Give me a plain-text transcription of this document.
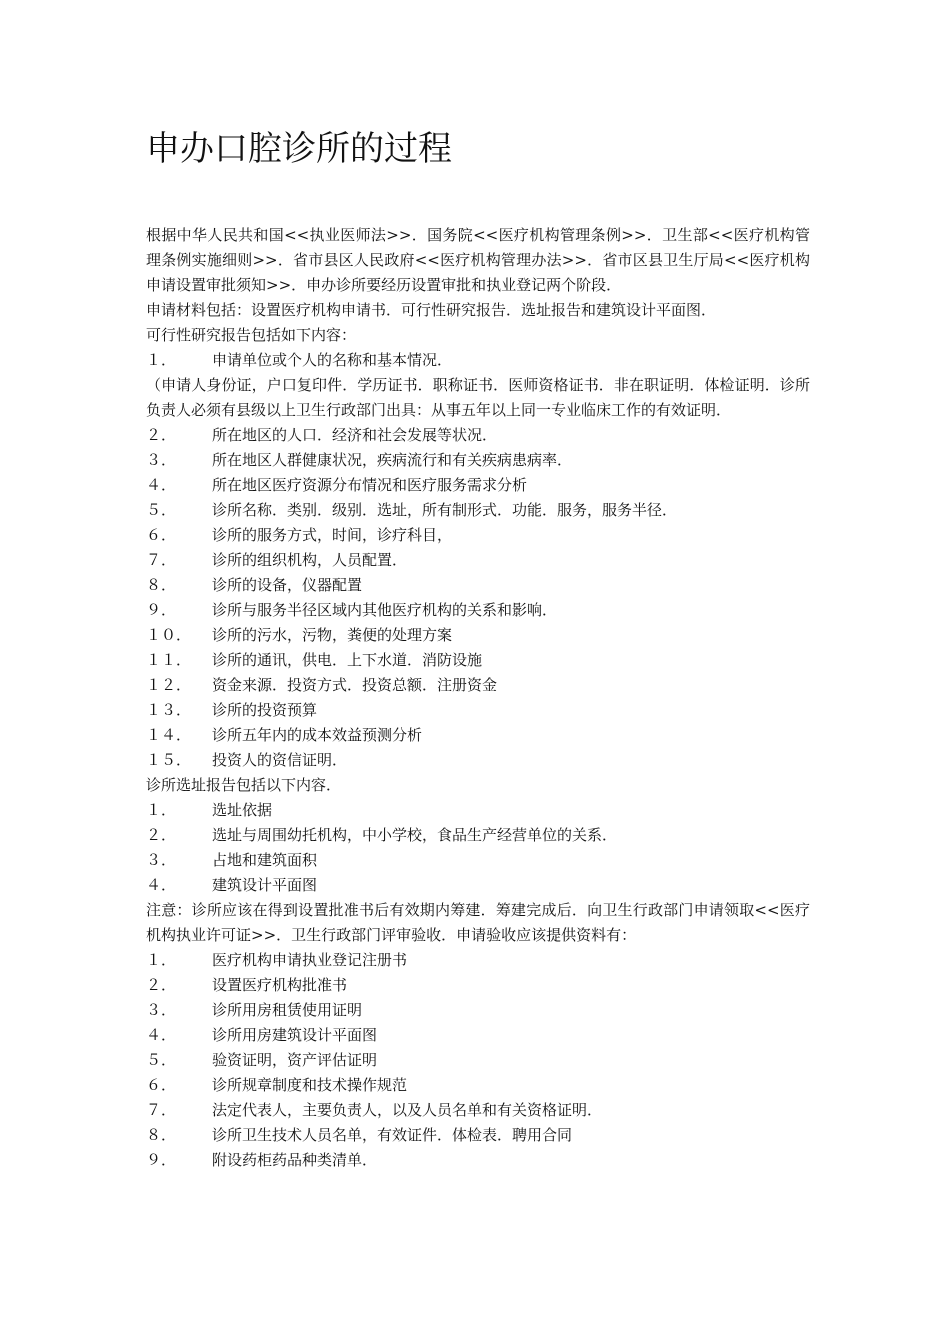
申办口腔诊所的过程

根据中华人民共和国<<执业医师法>>．国务院<<医疗机构管理条例>>．卫生部<<医疗机构管理条例实施细则>>．省市县区人民政府<<医疗机构管理办法>>．省市区县卫生厅局<<医疗机构申请设置审批须知>>．申办诊所要经历设置审批和执业登记两个阶段．

申请材料包括：设置医疗机构申请书．可行性研究报告．选址报告和建筑设计平面图．

可行性研究报告包括如下内容：

１．	申请单位或个人的名称和基本情况．

（申请人身份证，户口复印件．学历证书．职称证书．医师资格证书．非在职证明．体检证明．诊所负责人必须有县级以上卫生行政部门出具：从事五年以上同一专业临床工作的有效证明．

２．	所在地区的人口．经济和社会发展等状况．
３．	所在地区人群健康状况，疾病流行和有关疾病患病率．
４．	所在地区医疗资源分布情况和医疗服务需求分析
５．	诊所名称．类别．级别．选址，所有制形式．功能．服务，服务半径．
６．	诊所的服务方式，时间，诊疗科目，
７．	诊所的组织机构，人员配置．
８．	诊所的设备，仪器配置
９．	诊所与服务半径区域内其他医疗机构的关系和影响．
１０．	诊所的污水，污物，粪便的处理方案
１１．	诊所的通讯，供电．上下水道．消防设施
１２．	资金来源．投资方式．投资总额．注册资金
１３．	诊所的投资预算
１４．	诊所五年内的成本效益预测分析
１５．	投资人的资信证明．

诊所选址报告包括以下内容．

１．	选址依据
２．	选址与周围幼托机构，中小学校，食品生产经营单位的关系．
３．	占地和建筑面积
４．	建筑设计平面图

注意：诊所应该在得到设置批准书后有效期内筹建．筹建完成后．向卫生行政部门申请领取<<医疗机构执业许可证>>．卫生行政部门评审验收．申请验收应该提供资料有：

１．	医疗机构申请执业登记注册书
２．	设置医疗机构批准书
３．	诊所用房租赁使用证明
４．	诊所用房建筑设计平面图
５．	验资证明，资产评估证明
６．	诊所规章制度和技术操作规范
７．	法定代表人，主要负责人，以及人员名单和有关资格证明．
８．	诊所卫生技术人员名单，有效证件．体检表．聘用合同
９．	附设药柜药品种类清单．
